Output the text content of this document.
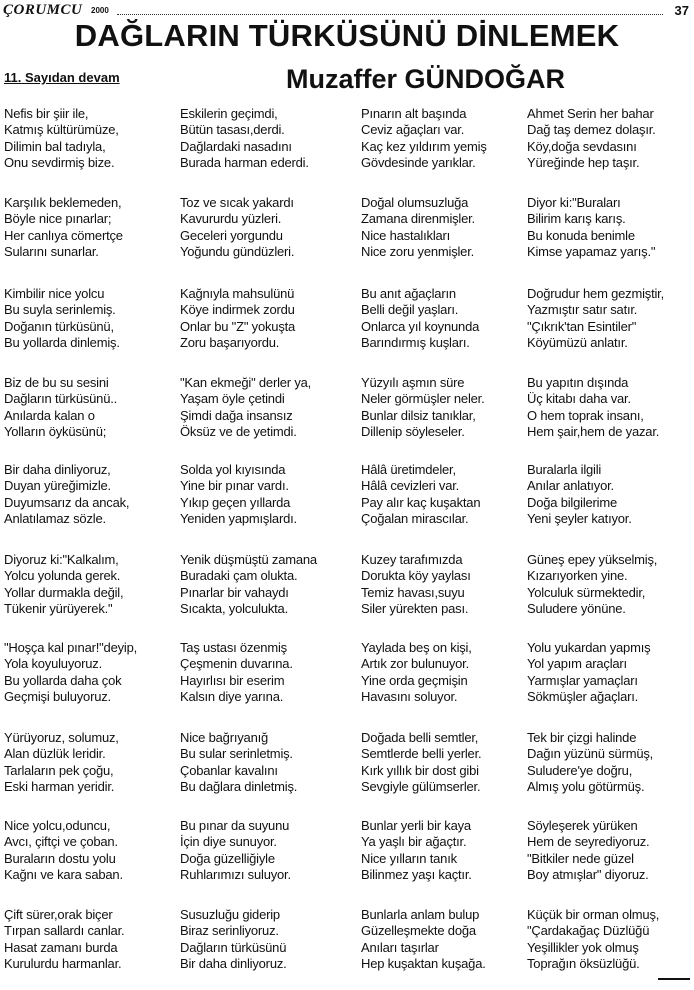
ÇORUMCU 2000	37
DAĞLARIN TÜRKÜSÜNÜ DİNLEMEK
11. Sayıdan devam	Muzaffer GÜNDOĞAR
Nefis bir şiir ile,
Katmış kültürümüze,
Dilimin bal tadıyla,
Onu sevdirmiş bize.
Karşılık beklemeden,
Böyle nice pınarlar;
Her canlıya cömertçe
Sularını sunarlar.
Kimbilir nice yolcu
Bu suyla serinlemiş.
Doğanın türküsünü,
Bu yollarda dinlemiş.
Biz de bu su sesini
Dağların türküsünü..
Anılarda kalan o
Yolların öyküsünü;
Bir daha dinliyoruz,
Duyan yüreğimizle.
Duyumsarız da ancak,
Anlatılamaz sözle.
Diyoruz ki:"Kalkalım,
Yolcu yolunda gerek.
Yollar durmakla değil,
Tükenir yürüyerek."
"Hoşça kal pınar!"deyip,
Yola koyuluyoruz.
Bu yollarda daha çok
Geçmişi buluyoruz.
Yürüyoruz, solumuz,
Alan düzlük leridir.
Tarlaların pek çoğu,
Eski harman yeridir.
Nice yolcu,oduncu,
Avcı, çiftçi ve çoban.
Buraların dostu yolu
Kağnı ve kara saban.
Çift sürer,orak biçer
Tırpan sallardı canlar.
Hasat zamanı burda
Kurulurdu harmanlar.
Eskilerin geçimdi,
Bütün tasası,derdi.
Dağlardaki nasadını
Burada harman ederdi.
Toz ve sıcak yakardı
Kavururdu yüzleri.
Geceleri yorgundu
Yoğundu gündüzleri.
Kağnıyla mahsulünü
Köye indirmek zordu
Onlar bu "Z" yokuşta
Zoru başarıyordu.
"Kan ekmeği" derler ya,
Yaşam öyle çetindi
Şimdi dağa insansız
Öksüz ve de yetimdi.
Solda yol kıyısında
Yine bir pınar vardı.
Yıkıp geçen yıllarda
Yeniden yapmışlardı.
Yenik düşmüştü zamana
Buradaki çam olukta.
Pınarlar bir vahaydı
Sıcakta, yolculukta.
Taş ustası özenmiş
Çeşmenin duvarına.
Hayırlısı bir eserim
Kalsın diye yarına.
Nice bağrıyanığ
Bu sular serinletmiş.
Çobanlar kavalını
Bu dağlara dinletmiş.
Bu pınar da suyunu
İçin diye sunuyor.
Doğa güzelliğiyle
Ruhlarımızı suluyor.
Susuzluğu giderip
Biraz serinliyoruz.
Dağların türküsünü
Bir daha dinliyoruz.
Pınarın alt başında
Ceviz ağaçları var.
Kaç kez yıldırım yemiş
Gövdesinde yarıklar.
Doğal olumsuzluğa
Zamana direnmişler.
Nice hastalıkları
Nice zoru yenmişler.
Bu anıt ağaçların
Belli değil yaşları.
Onlarca yıl koynunda
Barındırmış kuşları.
Yüzyılı aşmın süre
Neler görmüşler neler.
Bunlar dilsiz tanıklar,
Dillenip söyleseler.
Hâlâ üretimdeler,
Hâlâ cevizleri var.
Pay alır kaç kuşaktan
Çoğalan mirascılar.
Kuzey tarafımızda
Dorukta köy yaylası
Temiz havası,suyu
Siler yürekten pası.
Yaylada beş on kişi,
Artık zor bulunuyor.
Yine orda geçmişin
Havasını soluyor.
Doğada belli semtler,
Semtlerde belli yerler.
Kırk yıllık bir dost gibi
Sevgiyle gülümserler.
Bunlar yerli bir kaya
Ya yaşlı bir ağaçtır.
Nice yılların tanık
Bilinmez yaşı kaçtır.
Bunlarla anlam bulup
Güzelleşmekte doğa
Anıları taşırlar
Hep kuşaktan kuşağa.
Ahmet Serin her bahar
Dağ taş demez dolaşır.
Köy,doğa sevdasını
Yüreğinde hep taşır.
Diyor ki:"Buraları
Bilirim karış karış.
Bu konuda benimle
Kimse yapamaz yarış."
Doğrudur hem gezmiştir,
Yazmıştır satır satır.
"Çıkrık'tan Esintiler"
Köyümüzü anlatır.
Bu yapıtın dışında
Üç kitabı daha var.
O hem toprak insanı,
Hem şair,hem de yazar.
Buralarla ilgili
Anılar anlatıyor.
Doğa bilgilerime
Yeni şeyler katıyor.
Güneş epey yükselmiş,
Kızarıyorken yine.
Yolculuk sürmektedir,
Suludere yönüne.
Yolu yukardan yapmış
Yol yapım araçları
Yarmışlar yamaçları
Sökmüşler ağaçları.
Tek bir çizgi halinde
Dağın yüzünü sürmüş,
Suludere'ye doğru,
Almış yolu götürmüş.
Söyleşerek yürüken
Hem de seyrediyoruz.
"Bitkiler nede güzel
Boy atmışlar" diyoruz.
Küçük bir orman olmuş,
"Çardakağaç Düzlüğü
Yeşillikler yok olmuş
Toprağın öksüzlüğü.
